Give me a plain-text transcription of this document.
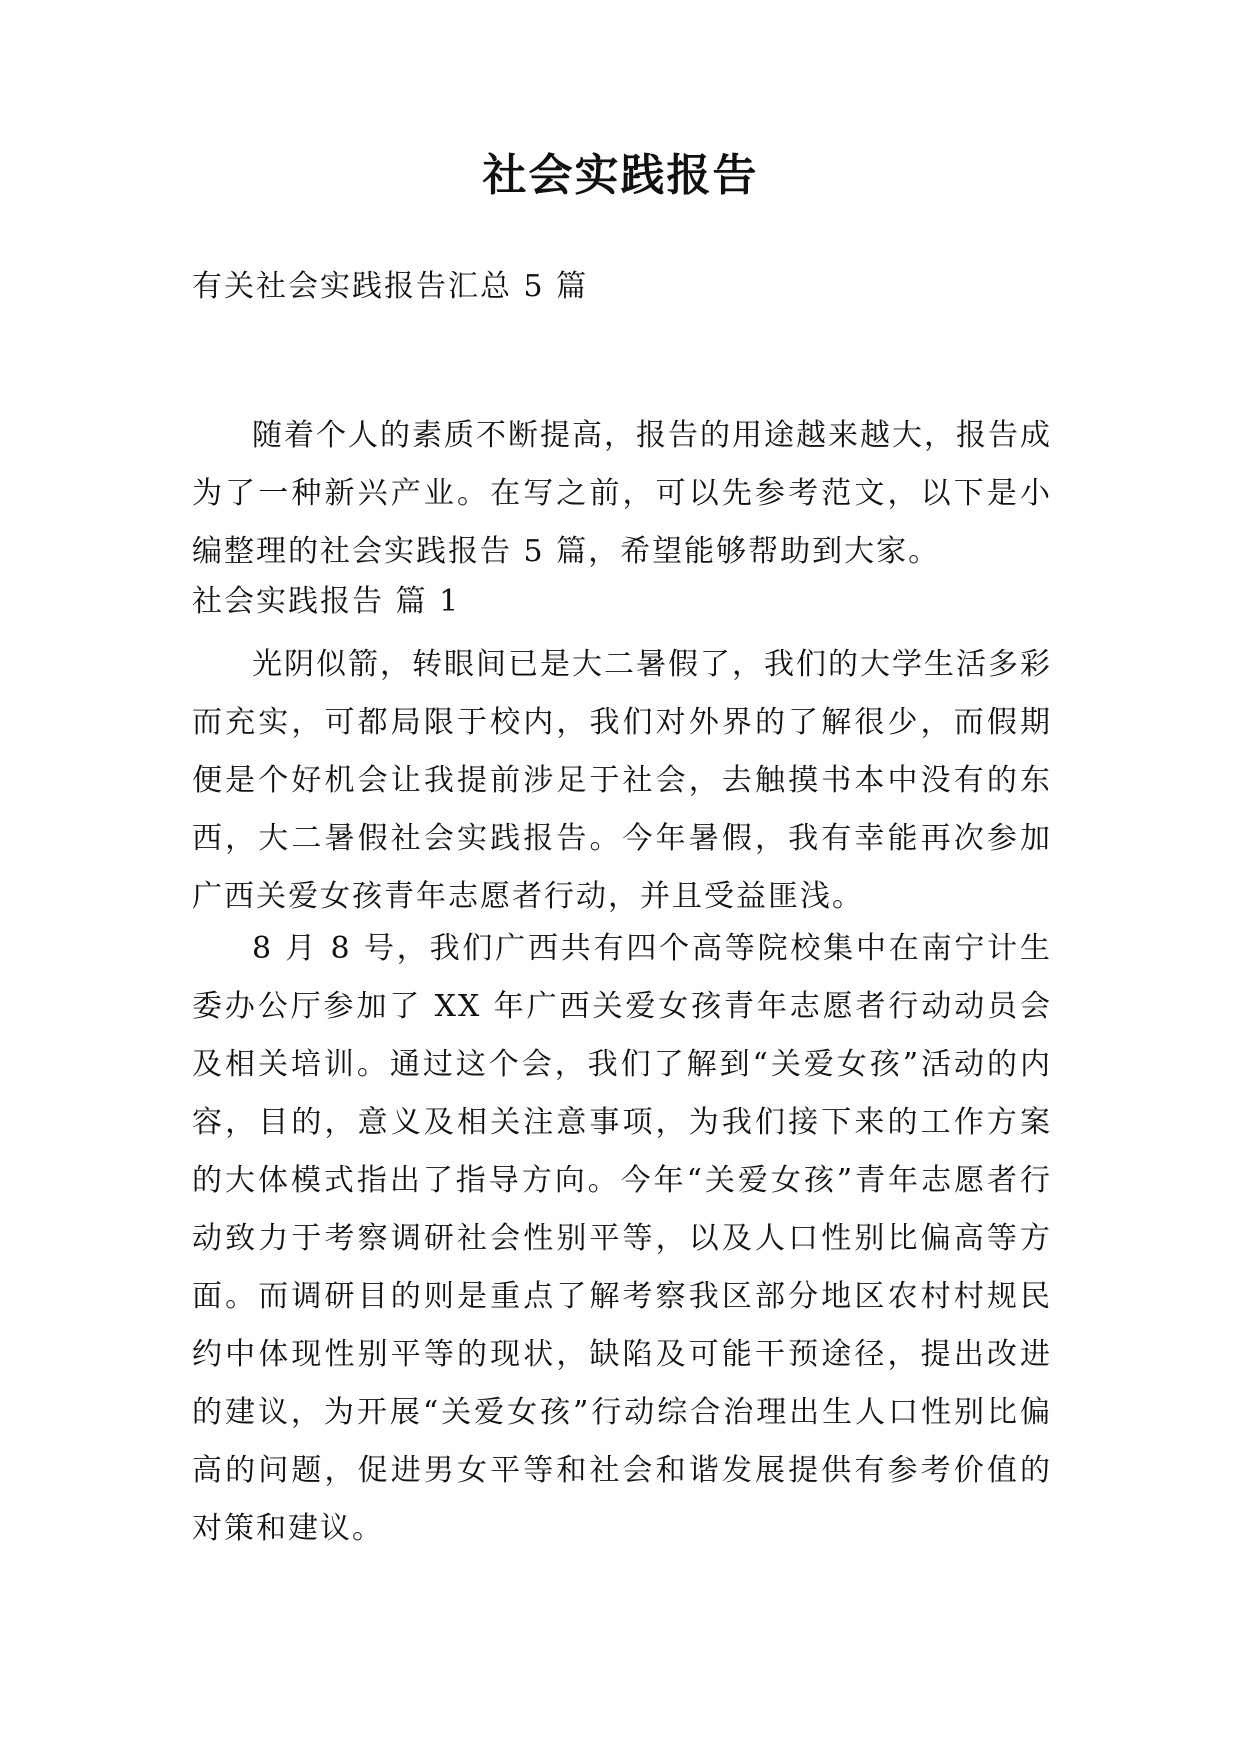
社会实践报告

有关社会实践报告汇总 5 篇

随着个人的素质不断提高，报告的用途越来越大，报告成为了一种新兴产业。在写之前，可以先参考范文，以下是小编整理的社会实践报告 5 篇，希望能够帮助到大家。

社会实践报告 篇 1

光阴似箭，转眼间已是大二暑假了，我们的大学生活多彩而充实，可都局限于校内，我们对外界的了解很少，而假期便是个好机会让我提前涉足于社会，去触摸书本中没有的东西，大二暑假社会实践报告。今年暑假，我有幸能再次参加广西关爱女孩青年志愿者行动，并且受益匪浅。

8 月 8 号，我们广西共有四个高等院校集中在南宁计生委办公厅参加了 XX 年广西关爱女孩青年志愿者行动动员会及相关培训。通过这个会，我们了解到“关爱女孩”活动的内容，目的，意义及相关注意事项，为我们接下来的工作方案的大体模式指出了指导方向。今年“关爱女孩”青年志愿者行动致力于考察调研社会性别平等，以及人口性别比偏高等方面。而调研目的则是重点了解考察我区部分地区农村村规民约中体现性别平等的现状，缺陷及可能干预途径，提出改进的建议，为开展“关爱女孩”行动综合治理出生人口性别比偏高的问题，促进男女平等和社会和谐发展提供有参考价值的对策和建议。
